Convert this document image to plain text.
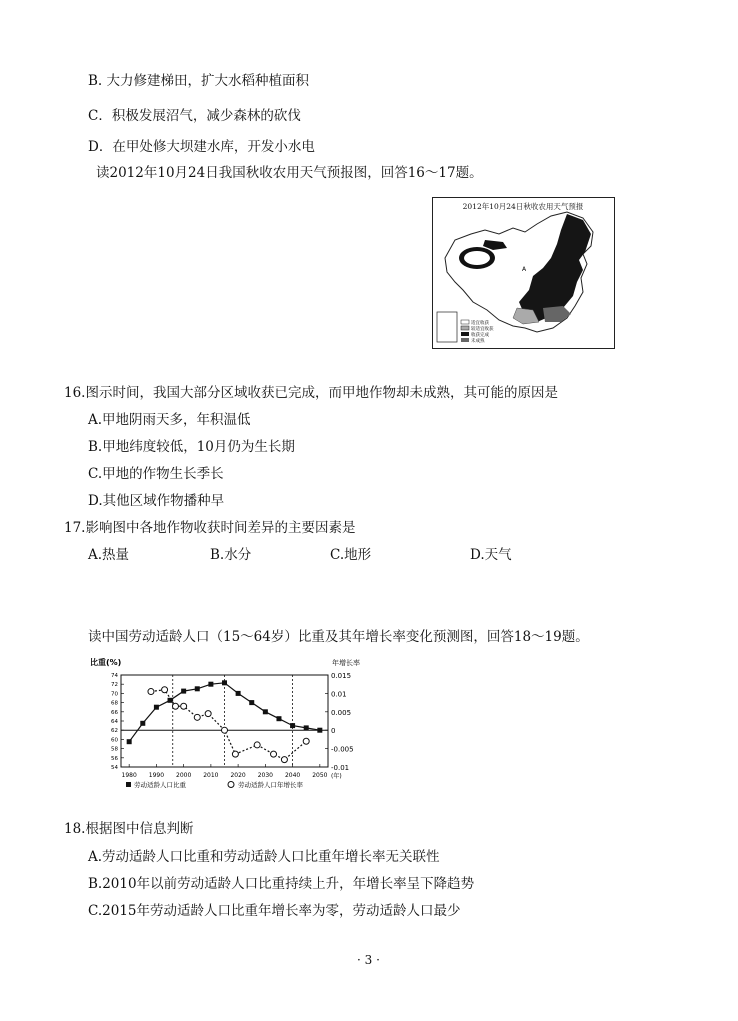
B. 大力修建梯田，扩大水稻种植面积
C．积极发展沼气，减少森林的砍伐
D．在甲处修大坝建水库，开发小水电
读2012年10月24日我国秋收农用天气预报图，回答16～17题。
2012年10月24日秋收农用天气预报
A
适宜收获
较适宜收获
收获完成
未成熟
16.图示时间，我国大部分区域收获已完成，而甲地作物却未成熟，其可能的原因是
A.甲地阴雨天多，年积温低
B.甲地纬度较低，10月仍为生长期
C.甲地的作物生长季长
D.其他区域作物播种早
17.影响图中各地作物收获时间差异的主要因素是
A.热量	B.水分	C.地形	D.天气
读中国劳动适龄人口（15～64岁）比重及其年增长率变化预测图，回答18～19题。
比重(%)	年增长率
74
72
70
68
66
64
62
60
58
56
54
0.015
0.01
0.005
0
-0.005
-0.01
1980 1990 2000 2010 2020 2030 2040 2050 (年)
劳动适龄人口比重	劳动适龄人口年增长率
18.根据图中信息判断
A.劳动适龄人口比重和劳动适龄人口比重年增长率无关联性
B.2010年以前劳动适龄人口比重持续上升，年增长率呈下降趋势
C.2015年劳动适龄人口比重年增长率为零，劳动适龄人口最少
· 3 ·
